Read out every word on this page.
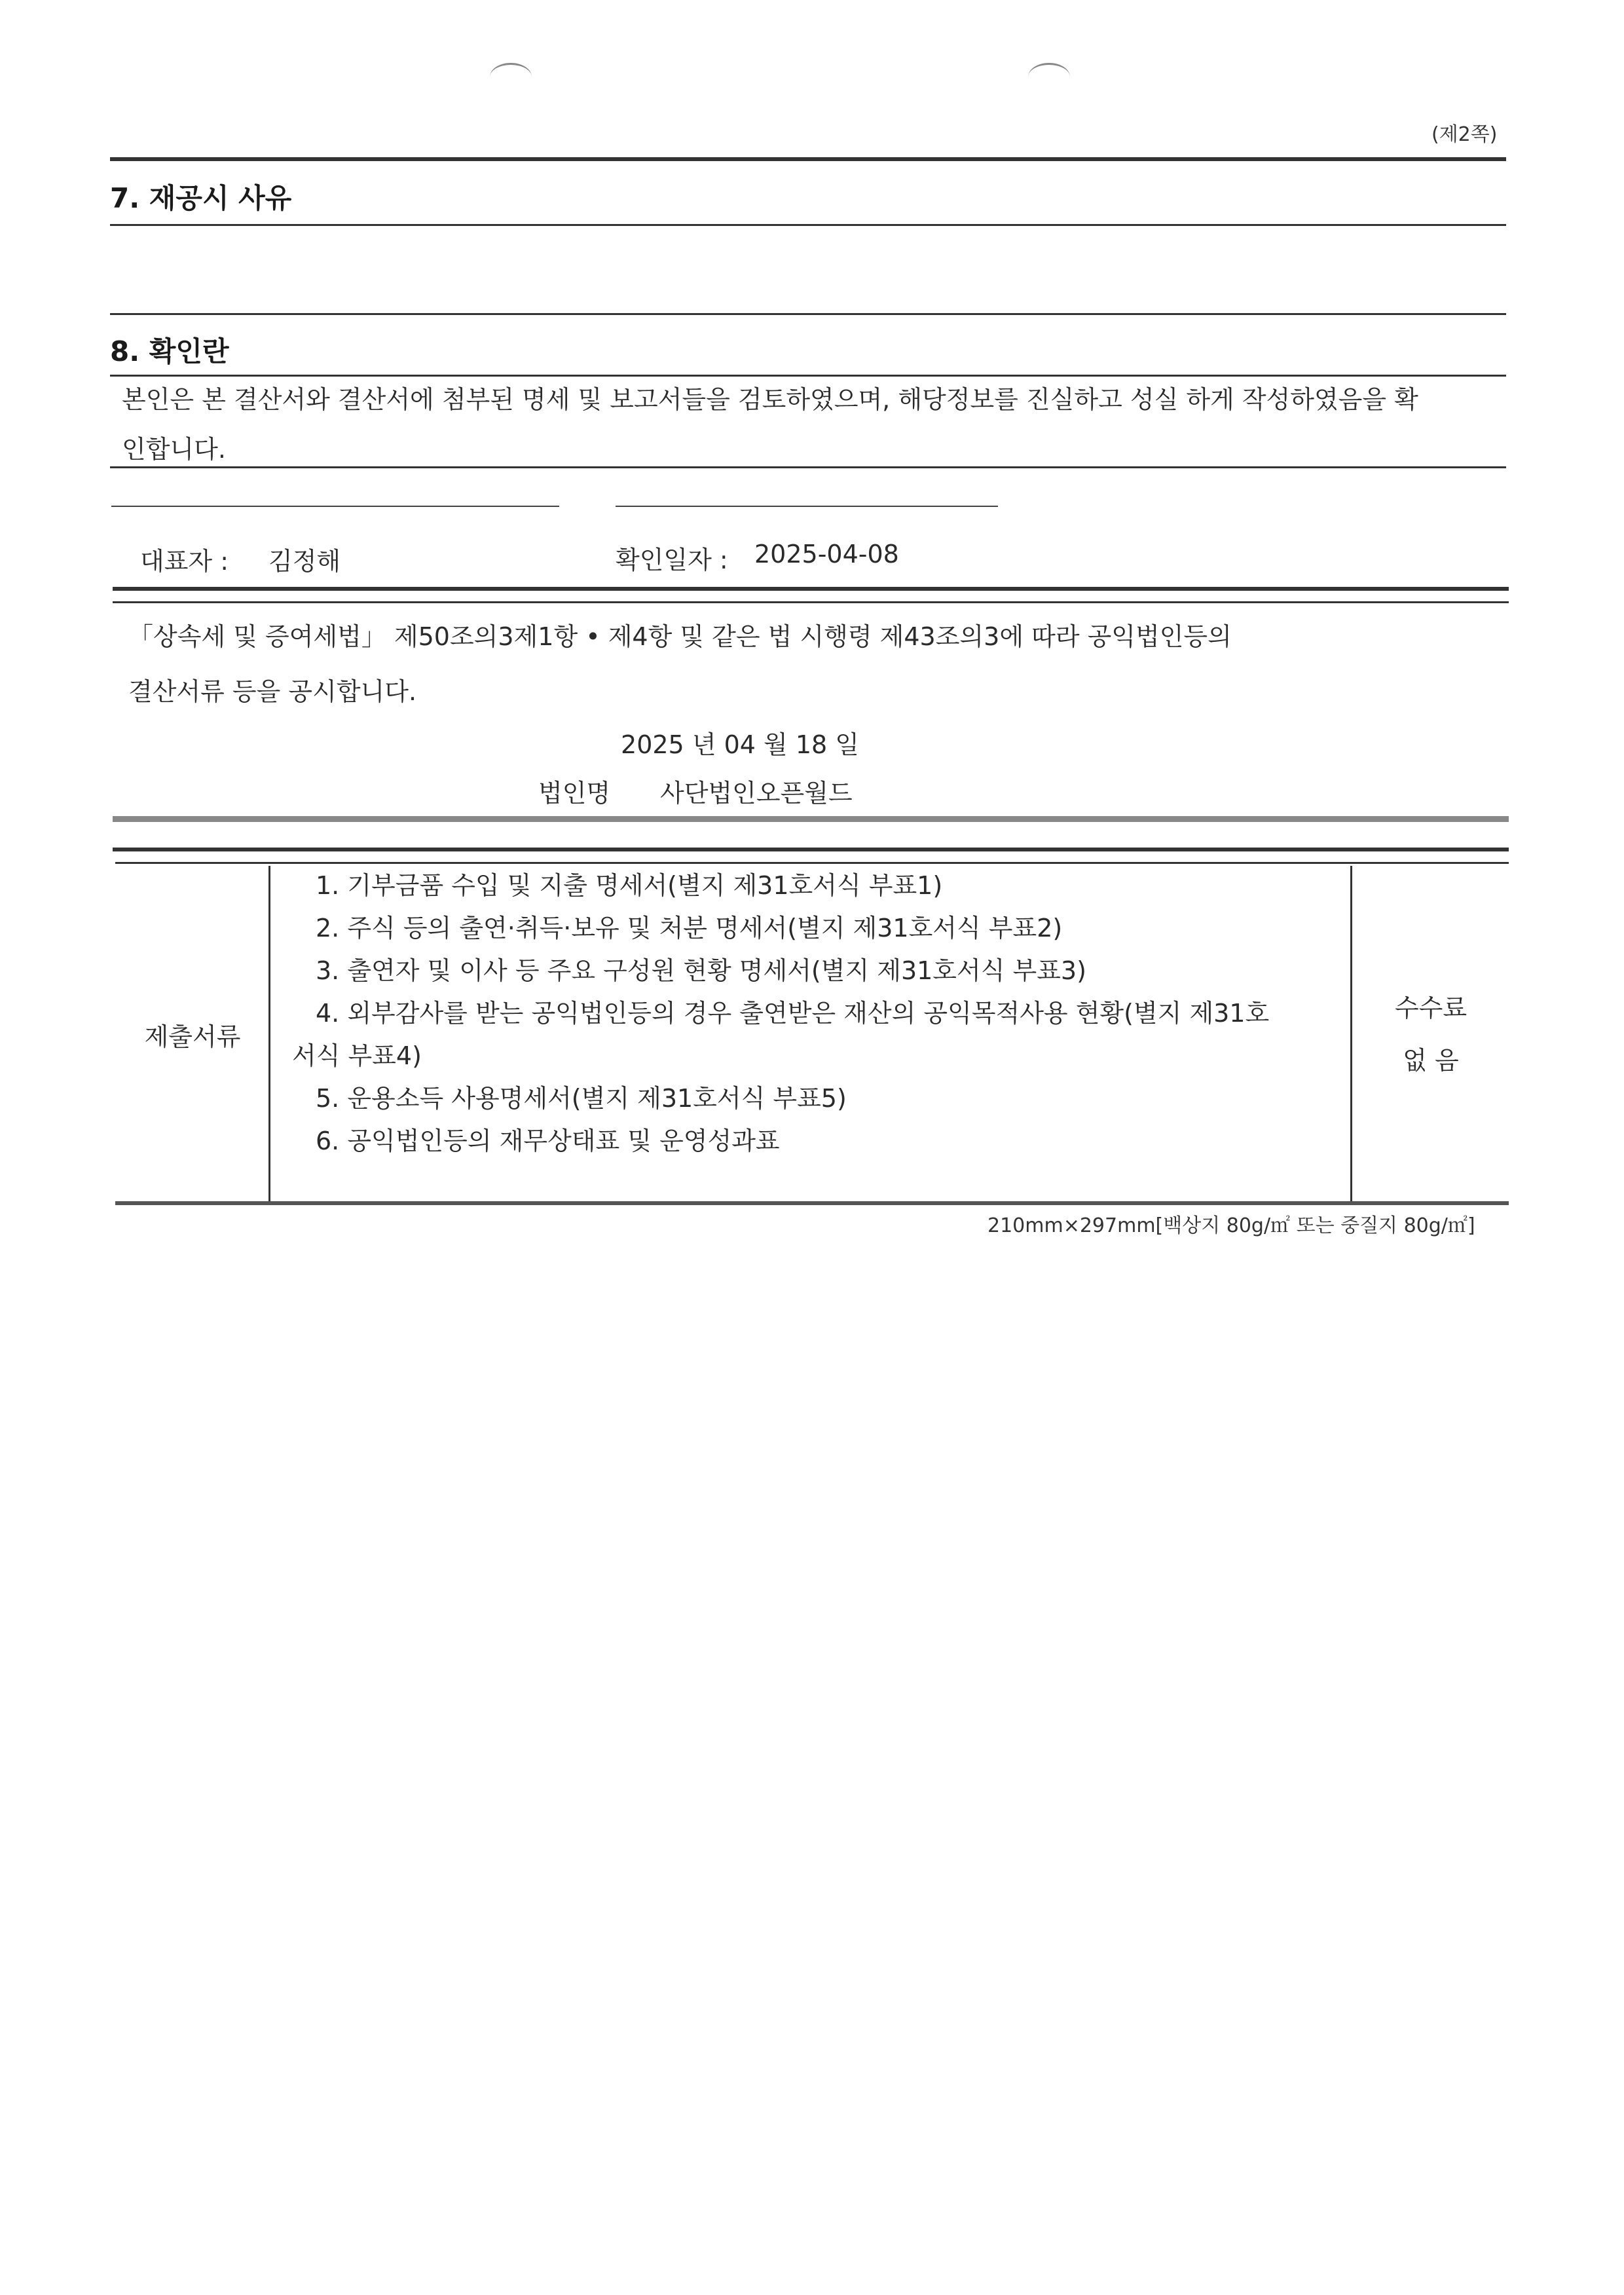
(제2쪽)
7. 재공시 사유
8. 확인란
본인은 본 결산서와 결산서에 첨부된 명세 및 보고서들을 검토하였으며, 해당정보를 진실하고 성실 하게 작성하였음을 확
인합니다.
대표자 : 김정해	확인일자 : 2025-04-08
「상속세 및 증여세법」 제50조의3제1항 • 제4항 및 같은 법 시행령 제43조의3에 따라 공익법인등의
결산서류 등을 공시합니다.
2025 년 04 월 18 일
법인명 사단법인오픈월드
제출서류
1. 기부금품 수입 및 지출 명세서(별지 제31호서식 부표1)
2. 주식 등의 출연·취득·보유 및 처분 명세서(별지 제31호서식 부표2)
3. 출연자 및 이사 등 주요 구성원 현황 명세서(별지 제31호서식 부표3)
4. 외부감사를 받는 공익법인등의 경우 출연받은 재산의 공익목적사용 현황(별지 제31호
서식 부표4)
5. 운용소득 사용명세서(별지 제31호서식 부표5)
6. 공익법인등의 재무상태표 및 운영성과표
수수료
없 음
210mm×297mm[백상지 80g/㎡ 또는 중질지 80g/㎡]
